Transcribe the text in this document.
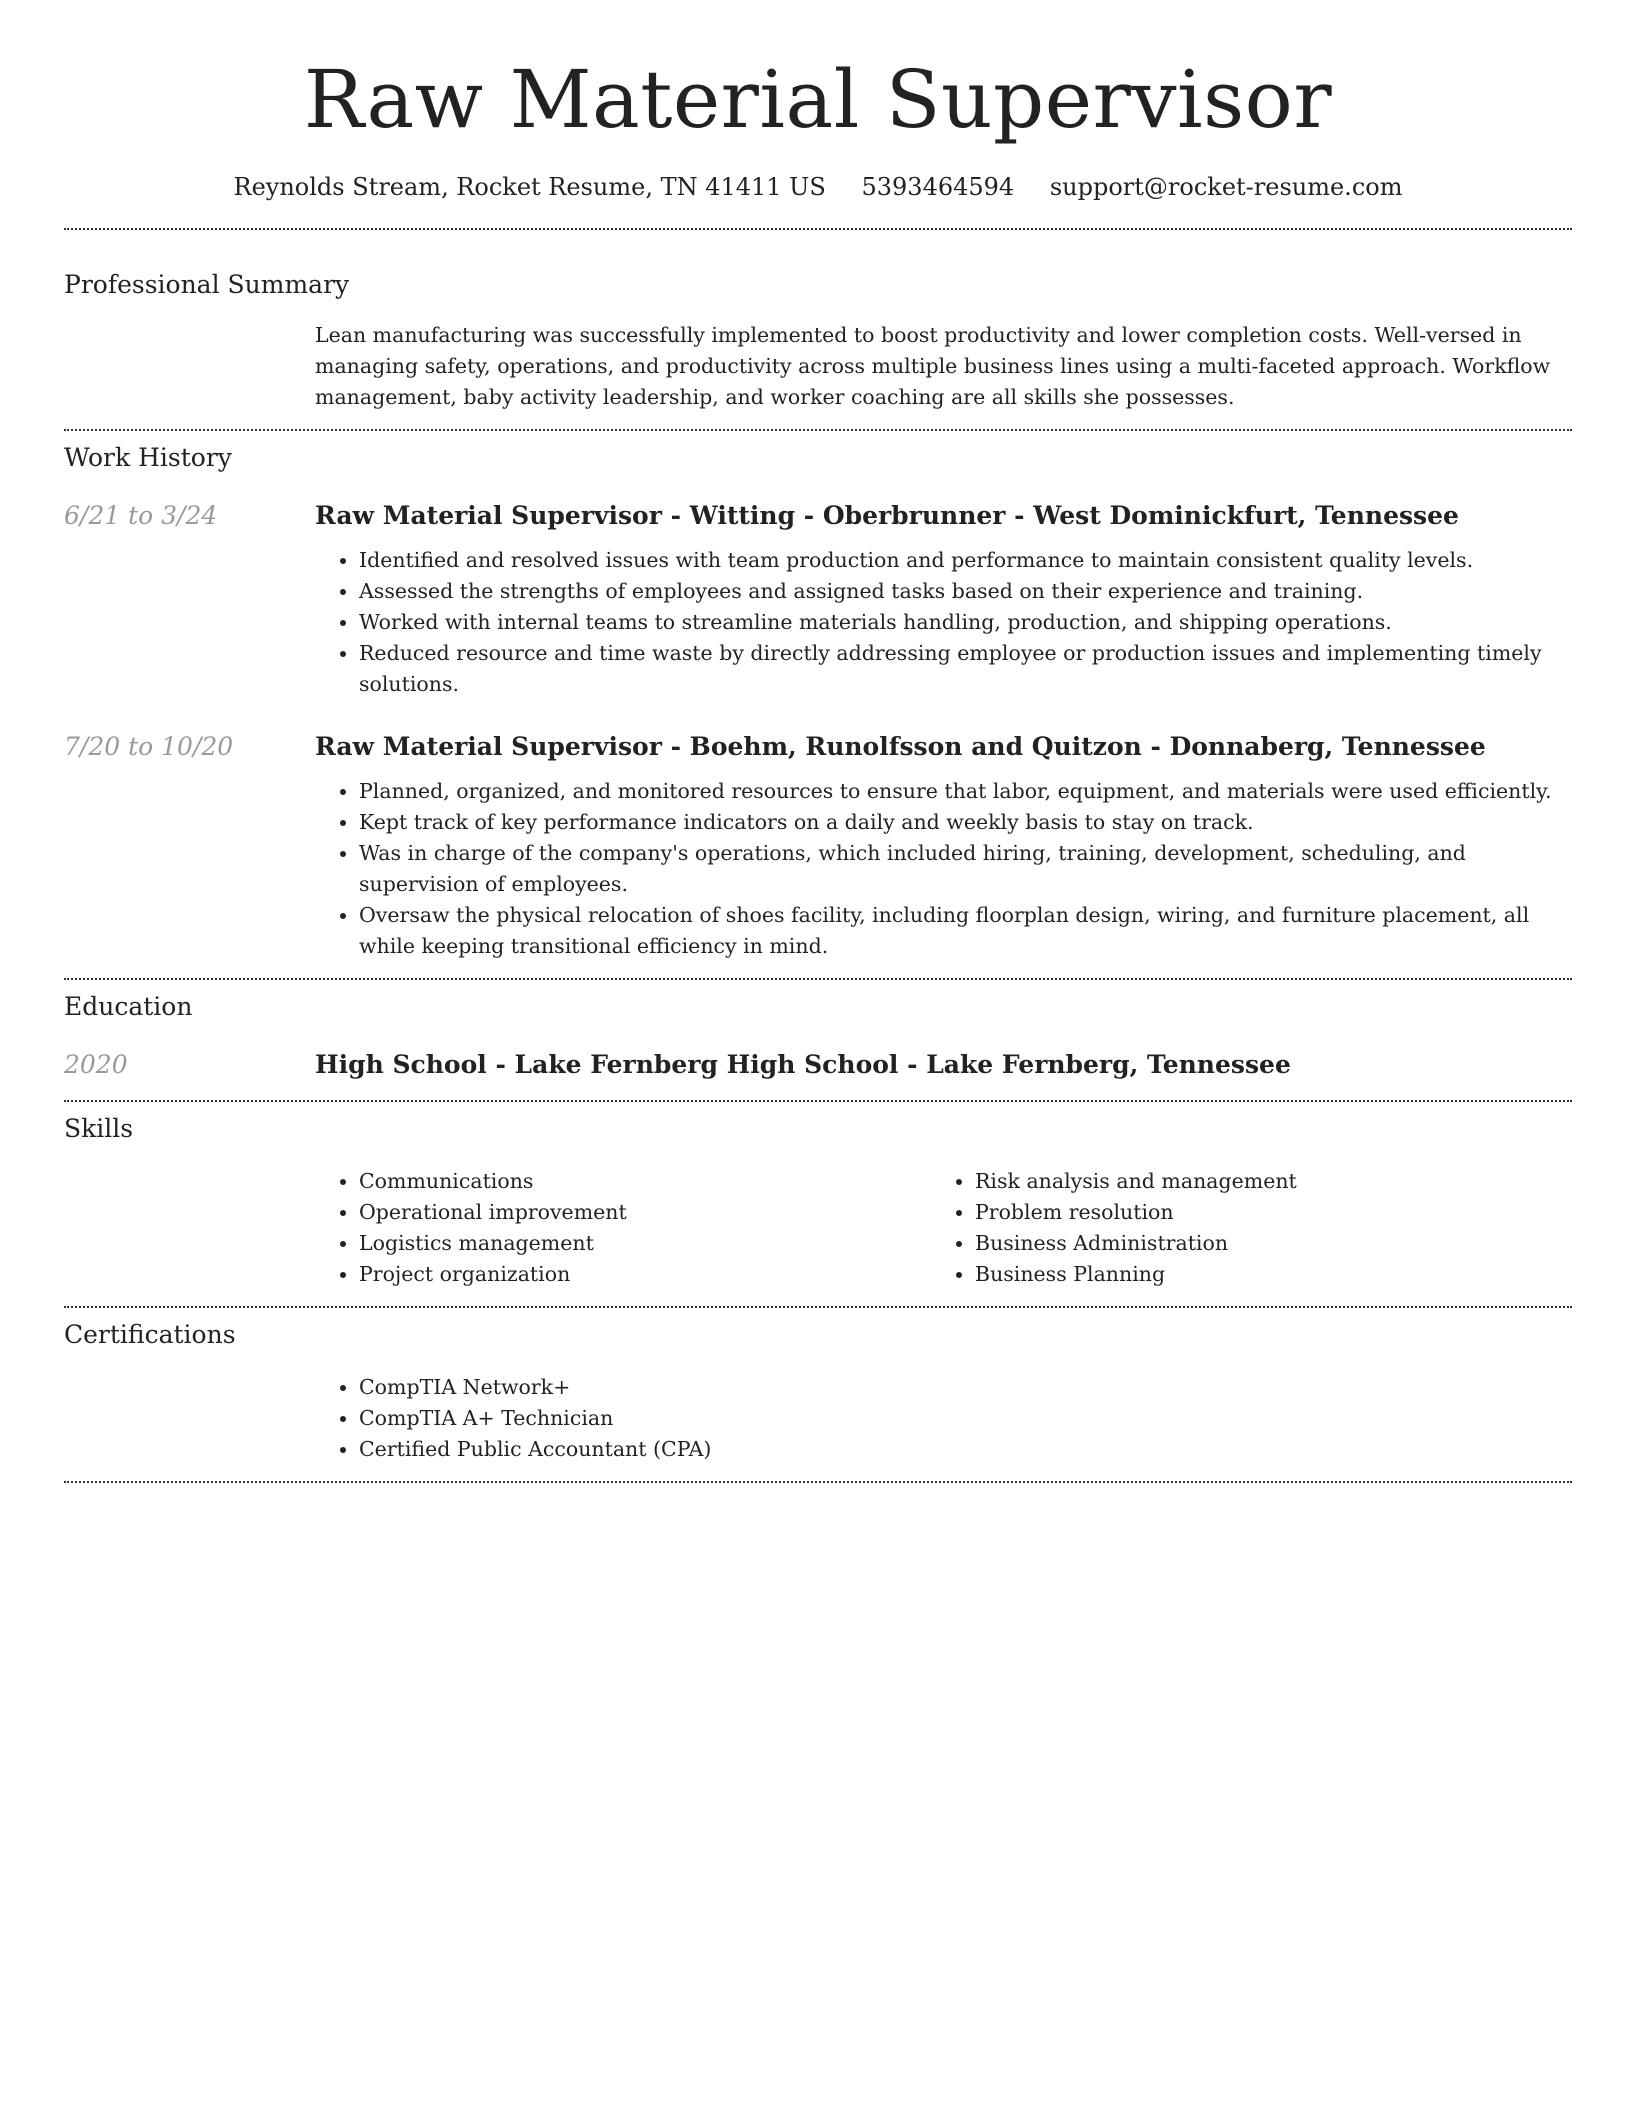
Raw Material Supervisor
Reynolds Stream, Rocket Resume, TN 41411 US 5393464594 support@rocket-resume.com
Professional Summary

Lean manufacturing was successfully implemented to boost productivity and lower completion costs. Well-versed in managing safety, operations, and productivity across multiple business lines using a multi-faceted approach. Workflow management, baby activity leadership, and worker coaching are all skills she possesses.

Work History
6/21 to 3/24	Raw Material Supervisor - Witting - Oberbrunner - West Dominickfurt, Tennessee
• Identified and resolved issues with team production and performance to maintain consistent quality levels.
• Assessed the strengths of employees and assigned tasks based on their experience and training.
• Worked with internal teams to streamline materials handling, production, and shipping operations.
• Reduced resource and time waste by directly addressing employee or production issues and implementing timely solutions.
7/20 to 10/20	Raw Material Supervisor - Boehm, Runolfsson and Quitzon - Donnaberg, Tennessee
• Planned, organized, and monitored resources to ensure that labor, equipment, and materials were used efficiently.
• Kept track of key performance indicators on a daily and weekly basis to stay on track.
• Was in charge of the company's operations, which included hiring, training, development, scheduling, and supervision of employees.
• Oversaw the physical relocation of shoes facility, including floorplan design, wiring, and furniture placement, all while keeping transitional efficiency in mind.
Education
2020	High School - Lake Fernberg High School - Lake Fernberg, Tennessee
Skills
• Communications
• Operational improvement
• Logistics management
• Project organization
• Risk analysis and management
• Problem resolution
• Business Administration
• Business Planning
Certifications
• CompTIA Network+
• CompTIA A+ Technician
• Certified Public Accountant (CPA)
